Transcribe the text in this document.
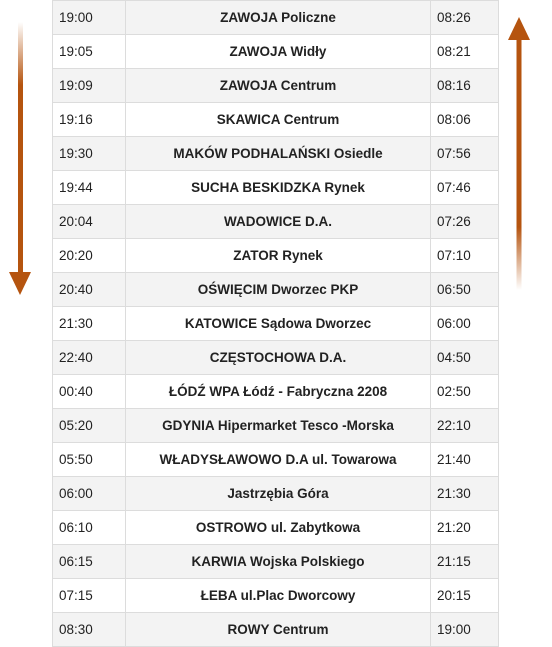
19:00	ZAWOJA Policzne	08:26
19:05	ZAWOJA Widły	08:21
19:09	ZAWOJA Centrum	08:16
19:16	SKAWICA Centrum	08:06
19:30	MAKÓW PODHALAŃSKI Osiedle	07:56
19:44	SUCHA BESKIDZKA Rynek	07:46
20:04	WADOWICE D.A.	07:26
20:20	ZATOR Rynek	07:10
20:40	OŚWIĘCIM Dworzec PKP	06:50
21:30	KATOWICE Sądowa Dworzec	06:00
22:40	CZĘSTOCHOWA D.A.	04:50
00:40	ŁÓDŹ WPA Łódź - Fabryczna 2208	02:50
05:20	GDYNIA Hipermarket Tesco -Morska	22:10
05:50	WŁADYSŁAWOWO D.A ul. Towarowa	21:40
06:00	Jastrzębia Góra	21:30
06:10	OSTROWO ul. Zabytkowa	21:20
06:15	KARWIA Wojska Polskiego	21:15
07:15	ŁEBA ul.Plac Dworcowy	20:15
08:30	ROWY Centrum	19:00
